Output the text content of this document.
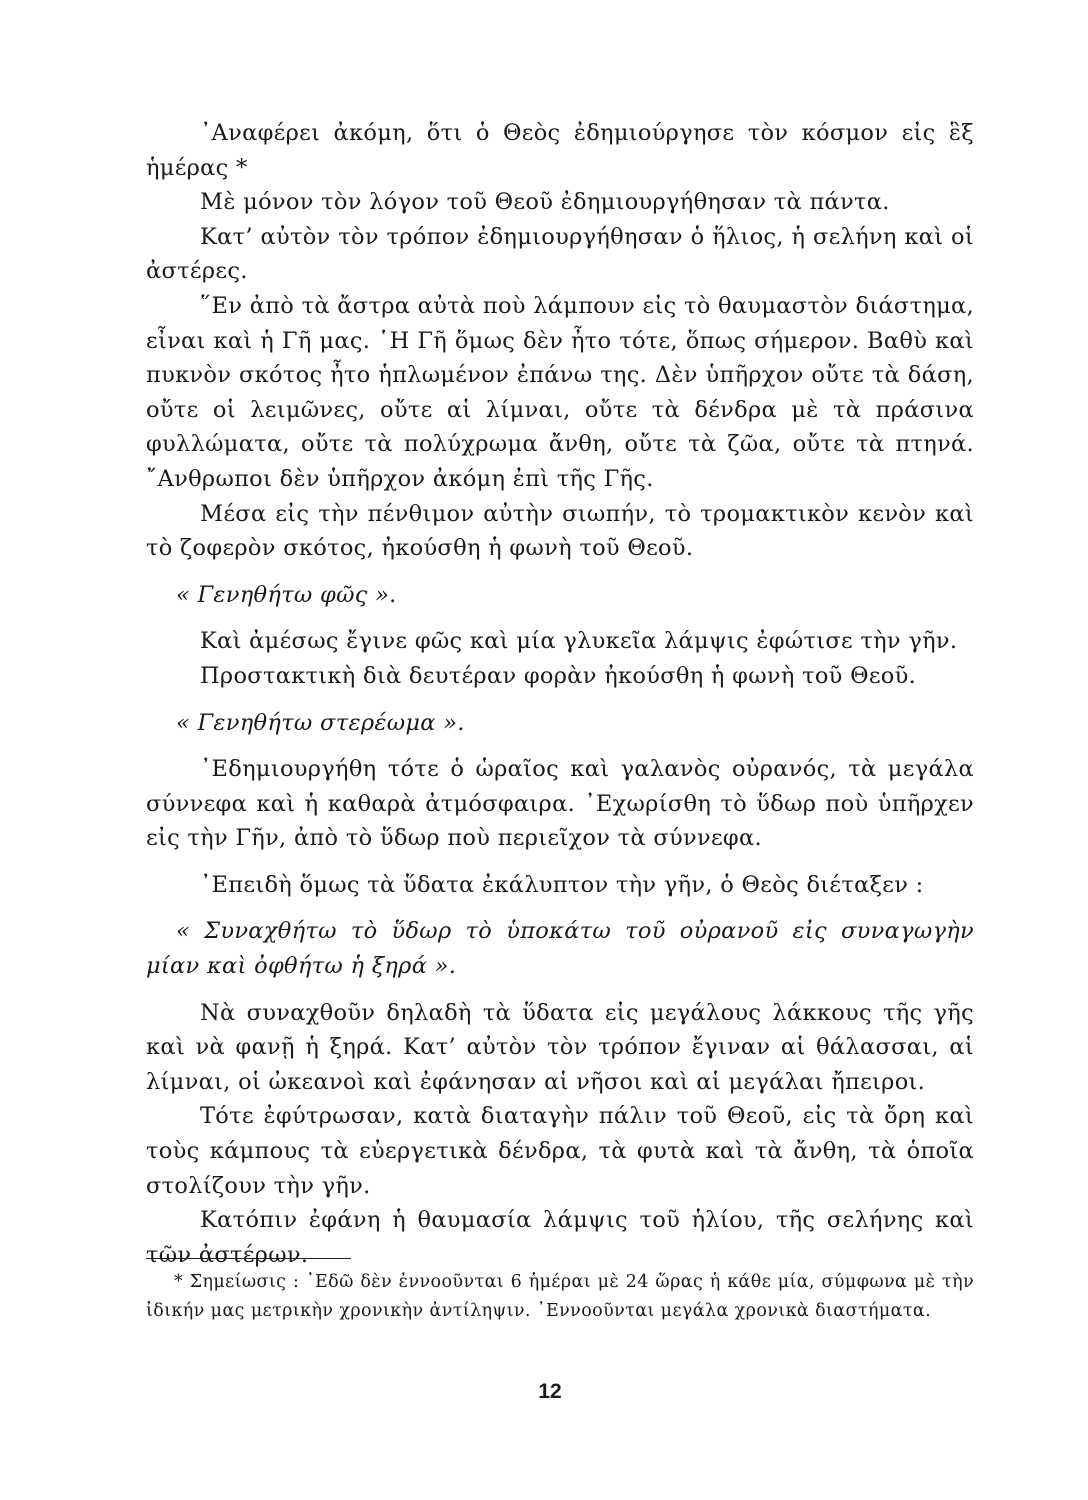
᾿Αναφέρει ἀκόμη, ὅτι ὁ Θεὸς ἐδημιούργησε τὸν κόσμον εἰς ἓξ ἡμέρας *

Μὲ μόνον τὸν λόγον τοῦ Θεοῦ ἐδημιουργήθησαν τὰ πάντα.

Κατ’ αὐτὸν τὸν τρόπον ἐδημιουργήθησαν ὁ ἥλιος, ἡ σελήνη καὶ οἱ ἀστέρες.

῞Εν ἀπὸ τὰ ἄστρα αὐτὰ ποὺ λάμπουν εἰς τὸ θαυμαστὸν διάστημα, εἶναι καὶ ἡ Γῆ μας. ῾Η Γῆ ὅμως δὲν ἦτο τότε, ὅπως σήμερον. Βαθὺ καὶ πυκνὸν σκότος ἦτο ἡπλωμένον ἐπάνω της. Δὲν ὑπῆρχον οὔτε τὰ δάση, οὔτε οἱ λειμῶνες, οὔτε αἱ λίμναι, οὔτε τὰ δένδρα μὲ τὰ πράσινα φυλλώματα, οὔτε τὰ πολύχρωμα ἄνθη, οὔτε τὰ ζῶα, οὔτε τὰ πτηνά. ῎Ανθρωποι δὲν ὑπῆρχον ἀκόμη ἐπὶ τῆς Γῆς.

Μέσα εἰς τὴν πένθιμον αὐτὴν σιωπήν, τὸ τρομακτικὸν κενὸν καὶ τὸ ζοφερὸν σκότος, ἠκούσθη ἡ φωνὴ τοῦ Θεοῦ.

« Γενηθήτω φῶς ».

Καὶ ἀμέσως ἔγινε φῶς καὶ μία γλυκεῖα λάμψις ἐφώτισε τὴν γῆν.

Προστακτικὴ διὰ δευτέραν φορὰν ἠκούσθη ἡ φωνὴ τοῦ Θεοῦ.

« Γενηθήτω στερέωμα ».

᾿Εδημιουργήθη τότε ὁ ὡραῖος καὶ γαλανὸς οὐρανός, τὰ μεγάλα σύννεφα καὶ ἡ καθαρὰ ἀτμόσφαιρα. ᾿Εχωρίσθη τὸ ὕδωρ ποὺ ὑπῆρχεν εἰς τὴν Γῆν, ἀπὸ τὸ ὕδωρ ποὺ περιεῖχον τὰ σύννεφα.

᾿Επειδὴ ὅμως τὰ ὕδατα ἐκάλυπτον τὴν γῆν, ὁ Θεὸς διέταξεν :

« Συναχθήτω τὸ ὕδωρ τὸ ὑποκάτω τοῦ οὐρανοῦ εἰς συναγωγὴν μίαν καὶ ὀφθήτω ἡ ξηρά ».

Νὰ συναχθοῦν δηλαδὴ τὰ ὕδατα εἰς μεγάλους λάκκους τῆς γῆς καὶ νὰ φανῇ ἡ ξηρά. Κατ’ αὐτὸν τὸν τρόπον ἔγιναν αἱ θάλασσαι, αἱ λίμναι, οἱ ὠκεανοὶ καὶ ἐφάνησαν αἱ νῆσοι καὶ αἱ μεγάλαι ἤπειροι.

Τότε ἐφύτρωσαν, κατὰ διαταγὴν πάλιν τοῦ Θεοῦ, εἰς τὰ ὄρη καὶ τοὺς κάμπους τὰ εὐεργετικὰ δένδρα, τὰ φυτὰ καὶ τὰ ἄνθη, τὰ ὁποῖα στολίζουν τὴν γῆν.

Κατόπιν ἐφάνη ἡ θαυμασία λάμψις τοῦ ἡλίου, τῆς σελήνης καὶ τῶν ἀστέρων.

* Σημείωσις : ᾿Εδῶ δὲν ἐννοοῦνται 6 ἡμέραι μὲ 24 ὥρας ἡ κάθε μία, σύμφωνα μὲ τὴν ἰδικήν μας μετρικὴν χρονικὴν ἀντίληψιν. ᾿Εννοοῦνται μεγάλα χρονικὰ διαστήματα.

12
